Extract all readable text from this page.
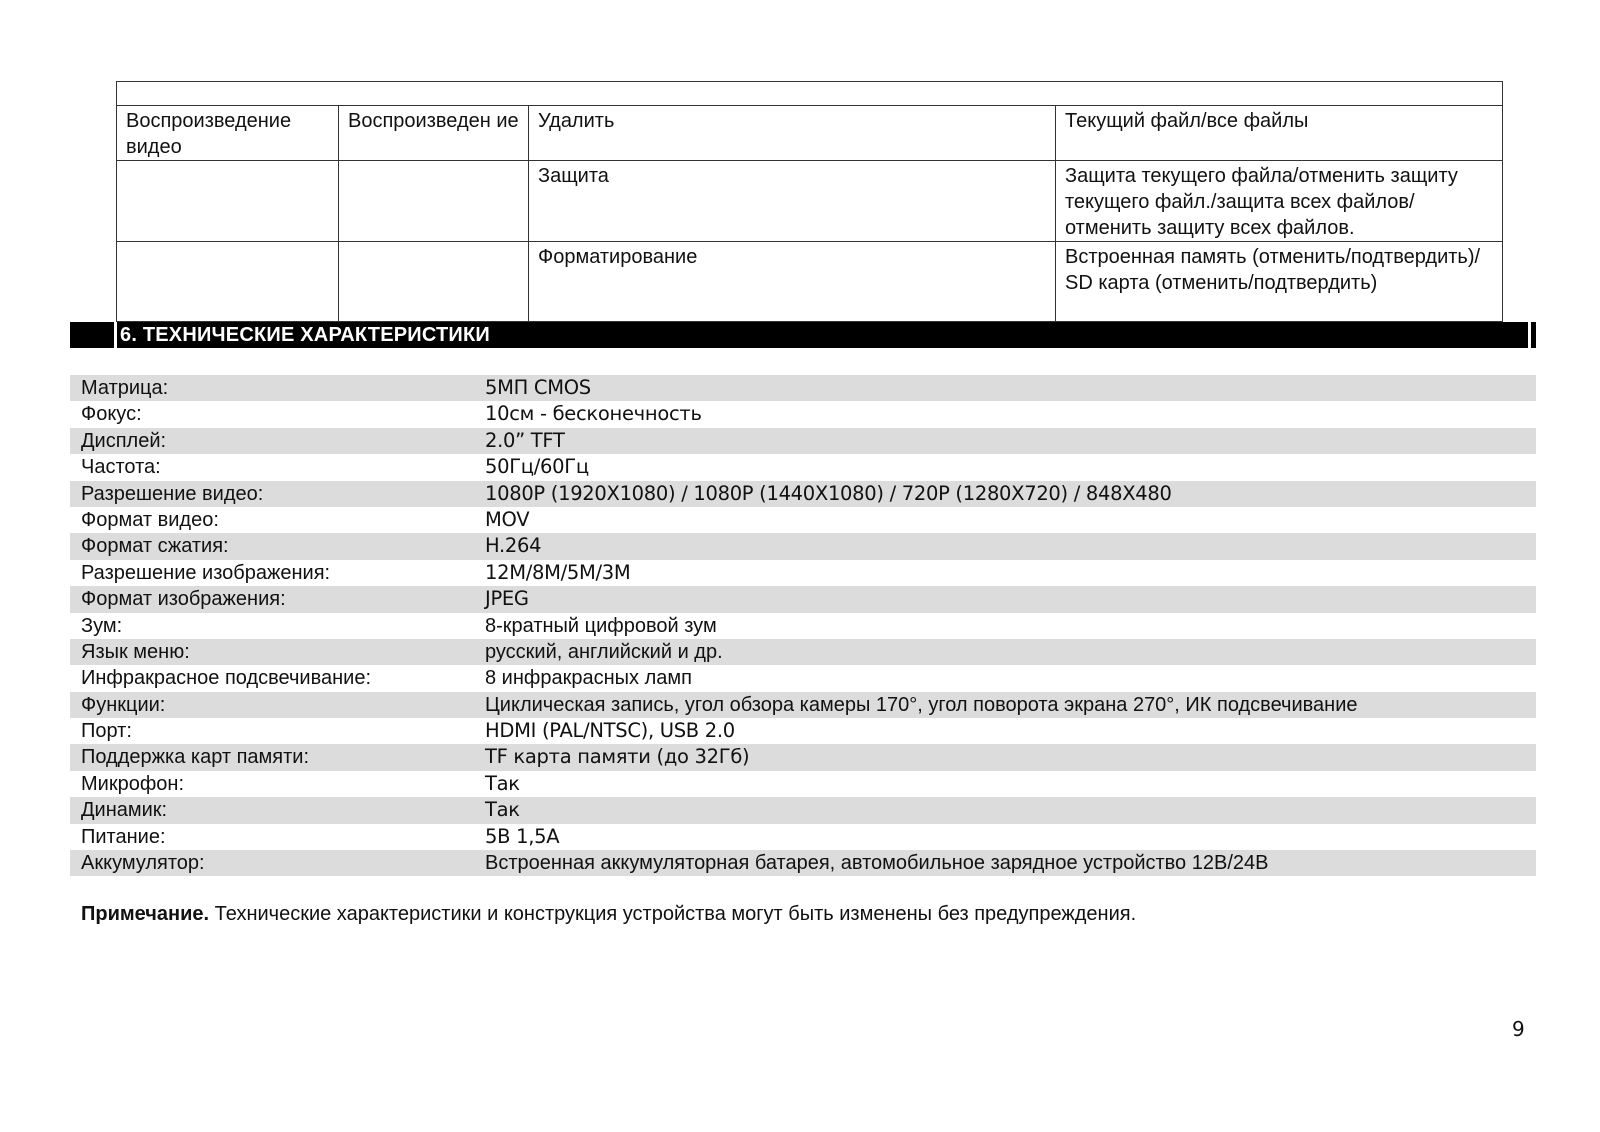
Воспроизведение видео	Воспроизведен ие	Удалить	Текущий файл/все файлы
		Защита	Защита текущего файла/отменить защиту текущего файл./защита всех файлов/отменить защиту всех файлов.
		Форматирование	Встроенная память (отменить/подтвердить)/ SD карта (отменить/подтвердить)
6. ТЕХНИЧЕСКИЕ ХАРАКТЕРИСТИКИ
Матрица:	5МП CMOS
Фокус:	10см - бесконечность
Дисплей:	2.0” TFT
Частота:	50Гц/60Гц
Разрешение видео:	1080P (1920X1080) / 1080P (1440X1080) / 720P (1280X720) / 848X480
Формат видео:	MOV
Формат сжатия:	H.264
Разрешение изображения:	12M/8M/5M/3M
Формат изображения:	JPEG
Зум:	8-кратный цифровой зум
Язык меню:	русский, английский и др.
Инфракрасное подсвечивание:	8 инфракрасных ламп
Функции:	Циклическая запись, угол обзора камеры 170°, угол поворота экрана 270°, ИК подсвечивание
Порт:	HDMI (PAL/NTSC), USB 2.0
Поддержка карт памяти:	TF карта памяти (до 32Гб)
Микрофон:	Так
Динамик:	Так
Питание:	5В 1,5А
Аккумулятор:	Встроенная аккумуляторная батарея, автомобильное зарядное устройство 12В/24В
Примечание. Технические характеристики и конструкция устройства могут быть изменены без предупреждения.
9
